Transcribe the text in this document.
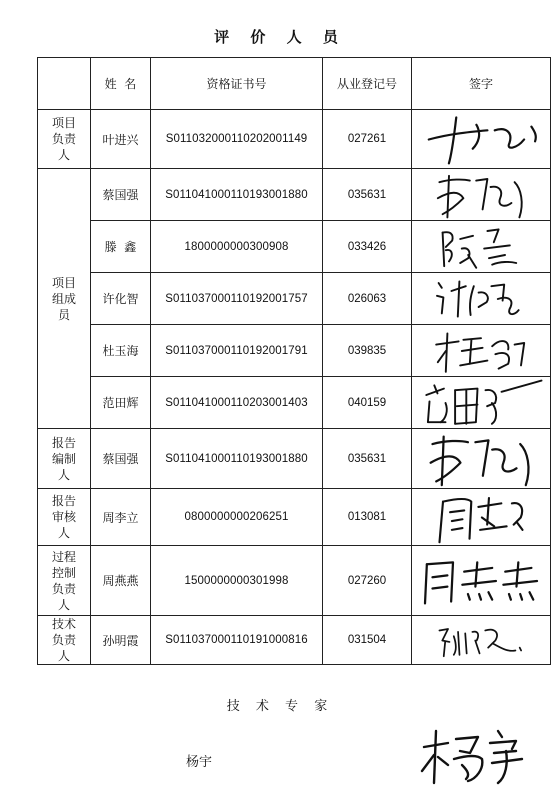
评 价 人 员
	姓  名	资格证书号	从业登记号	签字
项目
负责
人	叶进兴	S011032000110202001149	027261	

项目
组成
员	蔡国强	S011041000110193001880	035631	

	滕  鑫	1800000000300908	033426	

	许化智	S011037000110192001757	026063	

	杜玉海	S011037000110192001791	039835	

	范田辉	S011041000110203001403	040159	

报告
编制
人	蔡国强	S011041000110193001880	035631	

报告
审核
人	周李立	0800000000206251	013081	

过程
控制
负责
人	周燕燕	1500000000301998	027260	

技术
负责
人	孙明霞	S011037000110191000816	031504	
技 术 专 家
杨宇
